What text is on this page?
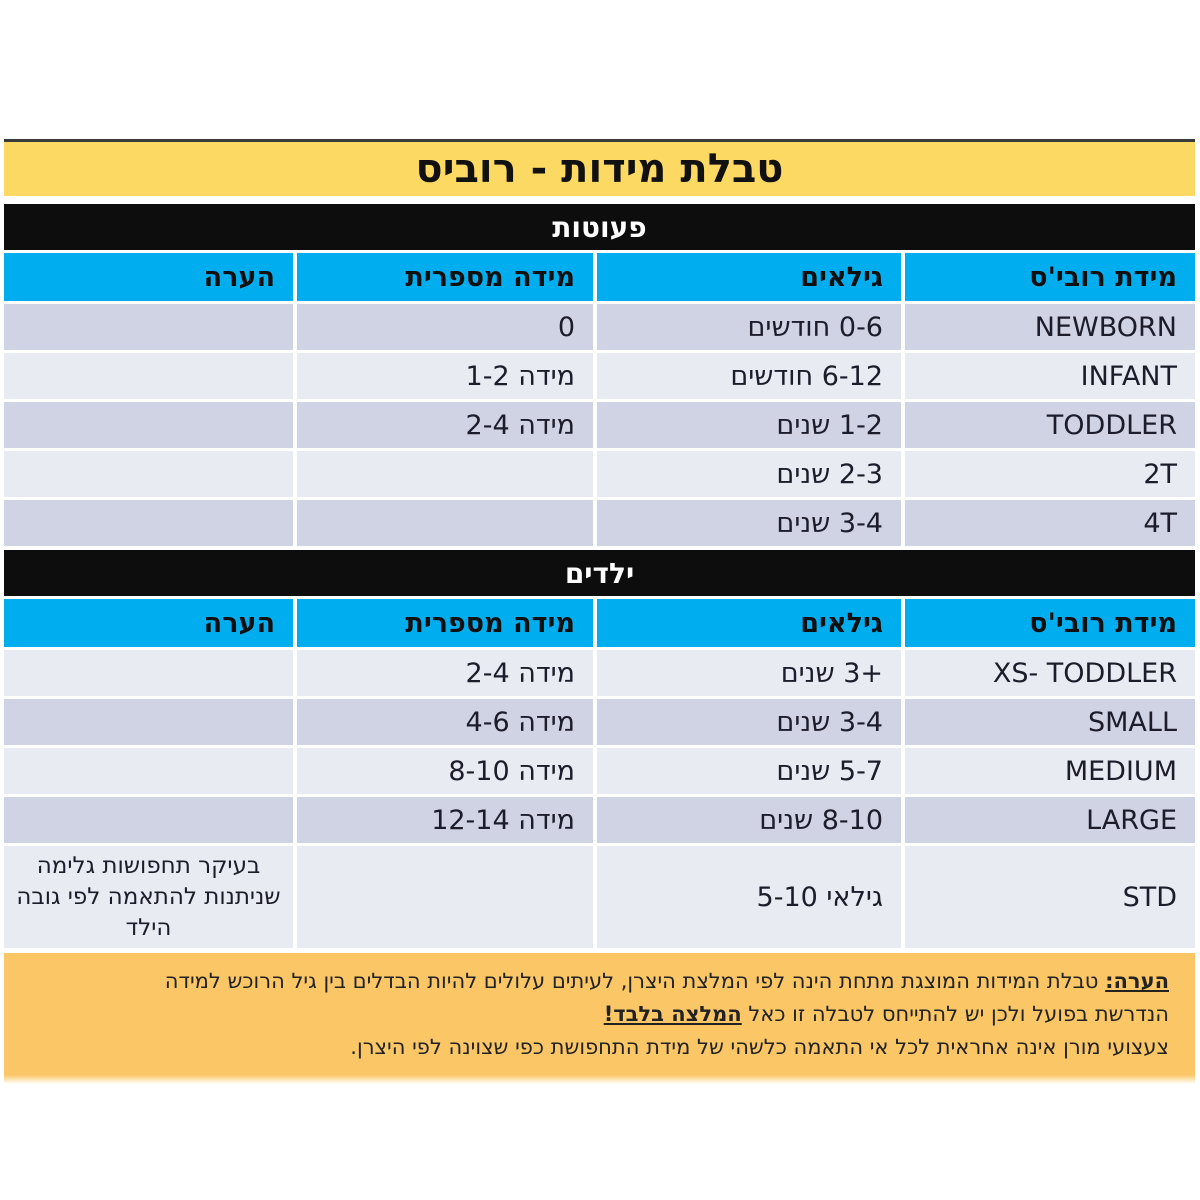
טבלת מידות - רוביס
פעוטות
מידת רובי'ס
גילאים
מידה מספרית
הערה
NEWBORN
0-6 חודשים
0
INFANT
6-12 חודשים
מידה 1-2
TODDLER
1-2 שנים
מידה 2-4
2T
2-3 שנים
4T
3-4 שנים
ילדים
מידת רובי'ס
גילאים
מידה מספרית
הערה
XS- TODDLER
+3 שנים
מידה 2-4
SMALL
3-4 שנים
מידה 4-6
MEDIUM
5-7 שנים
מידה 8-10
LARGE
8-10 שנים
מידה 12-14
STD
גילאי 5-10
בעיקר תחפושות גלימה שניתנות להתאמה לפי גובה הילד
הערה: טבלת המידות המוצגת מתחת הינה לפי המלצת היצרן, לעיתים עלולים להיות הבדלים בין גיל הרוכש למידה
הנדרשת בפועל ולכן יש להתייחס לטבלה זו כאל המלצה בלבד!
צעצועי מורן אינה אחראית לכל אי התאמה כלשהי של מידת התחפושת כפי שצוינה לפי היצרן.
